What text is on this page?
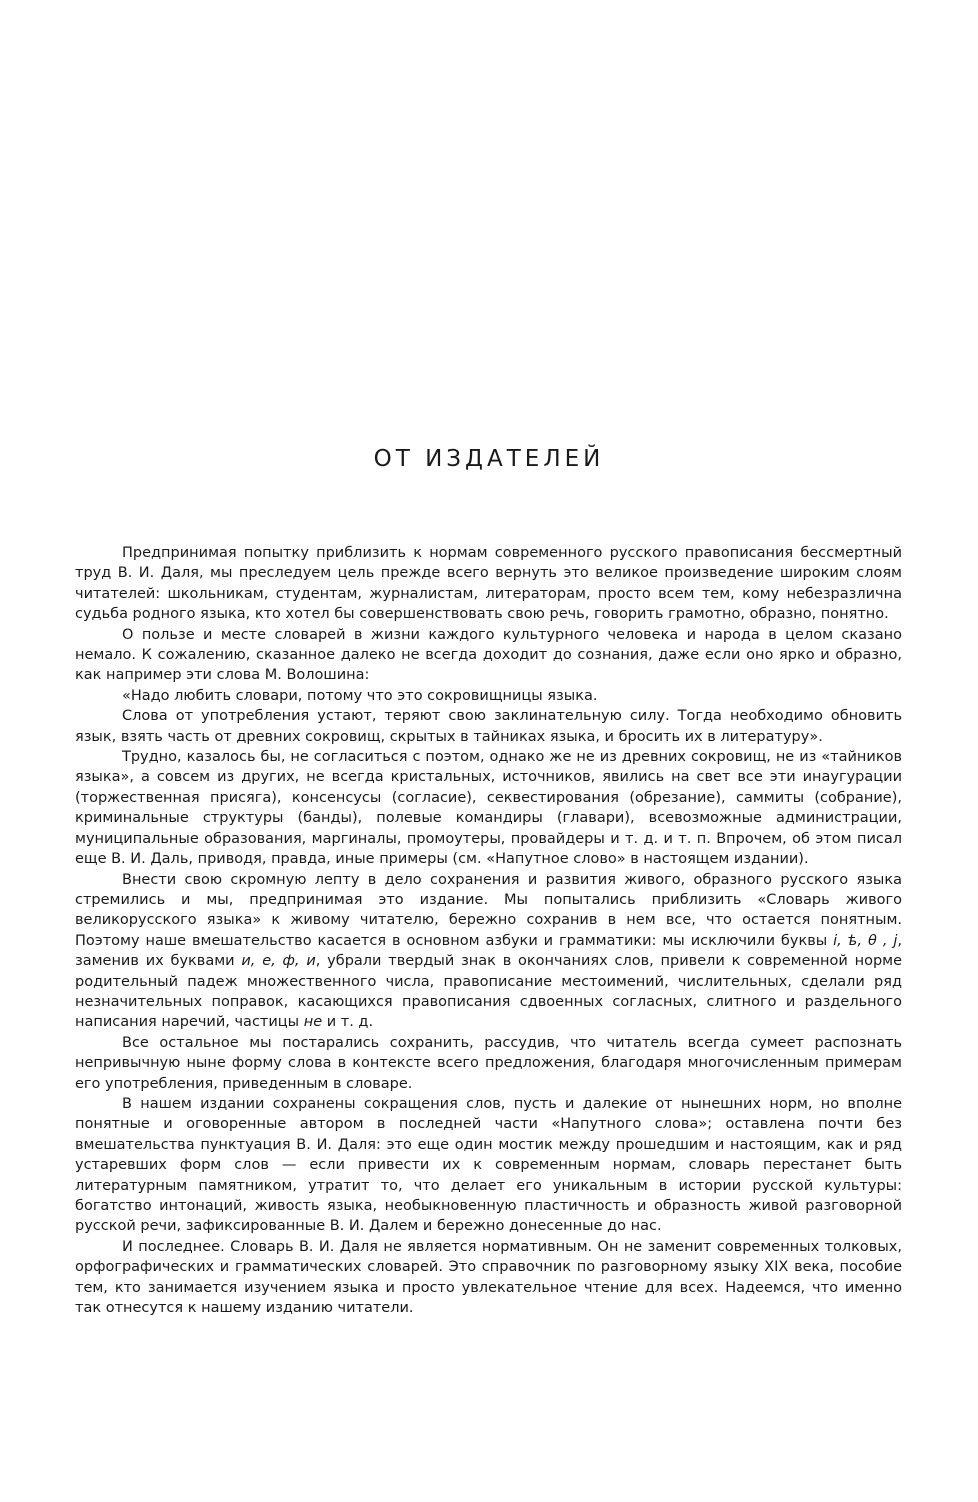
ОТ ИЗДАТЕЛЕЙ

Предпринимая попытку приблизить к нормам современного русского правописания бессмертный труд В. И. Даля, мы преследуем цель прежде всего вернуть это великое произведение широким слоям читателей: школьникам, студентам, журналистам, литераторам, просто всем тем, кому небезразлична судьба родного языка, кто хотел бы совершенствовать свою речь, говорить грамотно, образно, понятно.

О пользе и месте словарей в жизни каждого культурного человека и народа в целом сказано немало. К сожалению, сказанное далеко не всегда доходит до сознания, даже если оно ярко и образно, как например эти слова М. Волошина:

«Надо любить словари, потому что это сокровищницы языка.

Слова от употребления устают, теряют свою заклинательную силу. Тогда необходимо обновить язык, взять часть от древних сокровищ, скрытых в тайниках языка, и бросить их в литературу».

Трудно, казалось бы, не согласиться с поэтом, однако же не из древних сокровищ, не из «тайников языка», а совсем из других, не всегда кристальных, источников, явились на свет все эти инаугурации (торжественная присяга), консенсусы (согласие), секвестирования (обрезание), саммиты (собрание), криминальные структуры (банды), полевые командиры (главари), всевозможные администрации, муниципальные образования, маргиналы, промоутеры, провайдеры и т. д. и т. п. Впрочем, об этом писал еще В. И. Даль, приводя, правда, иные примеры (см. «Напутное слово» в настоящем издании).

Внести свою скромную лепту в дело сохранения и развития живого, образного русского языка стремились и мы, предпринимая это издание. Мы попытались приблизить «Словарь живого великорусского языка» к живому читателю, бережно сохранив в нем все, что остается понятным. Поэтому наше вмешательство касается в основном азбуки и грамматики: мы исключили буквы і, ѣ, θ , ј, заменив их буквами и, е, ф, и, убрали твердый знак в окончаниях слов, привели к современной норме родительный падеж множественного числа, правописание местоимений, числительных, сделали ряд незначительных поправок, касающихся правописания сдвоенных согласных, слитного и раздельного написания наречий, частицы не и т. д.

Все остальное мы постарались сохранить, рассудив, что читатель всегда сумеет распознать непривычную ныне форму слова в контексте всего предложения, благодаря многочисленным примерам его употребления, приведенным в словаре.

В нашем издании сохранены сокращения слов, пусть и далекие от нынешних норм, но вполне понятные и оговоренные автором в последней части «Напутного слова»; оставлена почти без вмешательства пунктуация В. И. Даля: это еще один мостик между прошедшим и настоящим, как и ряд устаревших форм слов — если привести их к современным нормам, словарь перестанет быть литературным памятником, утратит то, что делает его уникальным в истории русской культуры: богатство интонаций, живость языка, необыкновенную пластичность и образность живой разговорной русской речи, зафиксированные В. И. Далем и бережно донесенные до нас.

И последнее. Словарь В. И. Даля не является нормативным. Он не заменит современных толковых, орфографических и грамматических словарей. Это справочник по разговорному языку XIX века, пособие тем, кто занимается изучением языка и просто увлекательное чтение для всех. Надеемся, что именно так отнесутся к нашему изданию читатели.
